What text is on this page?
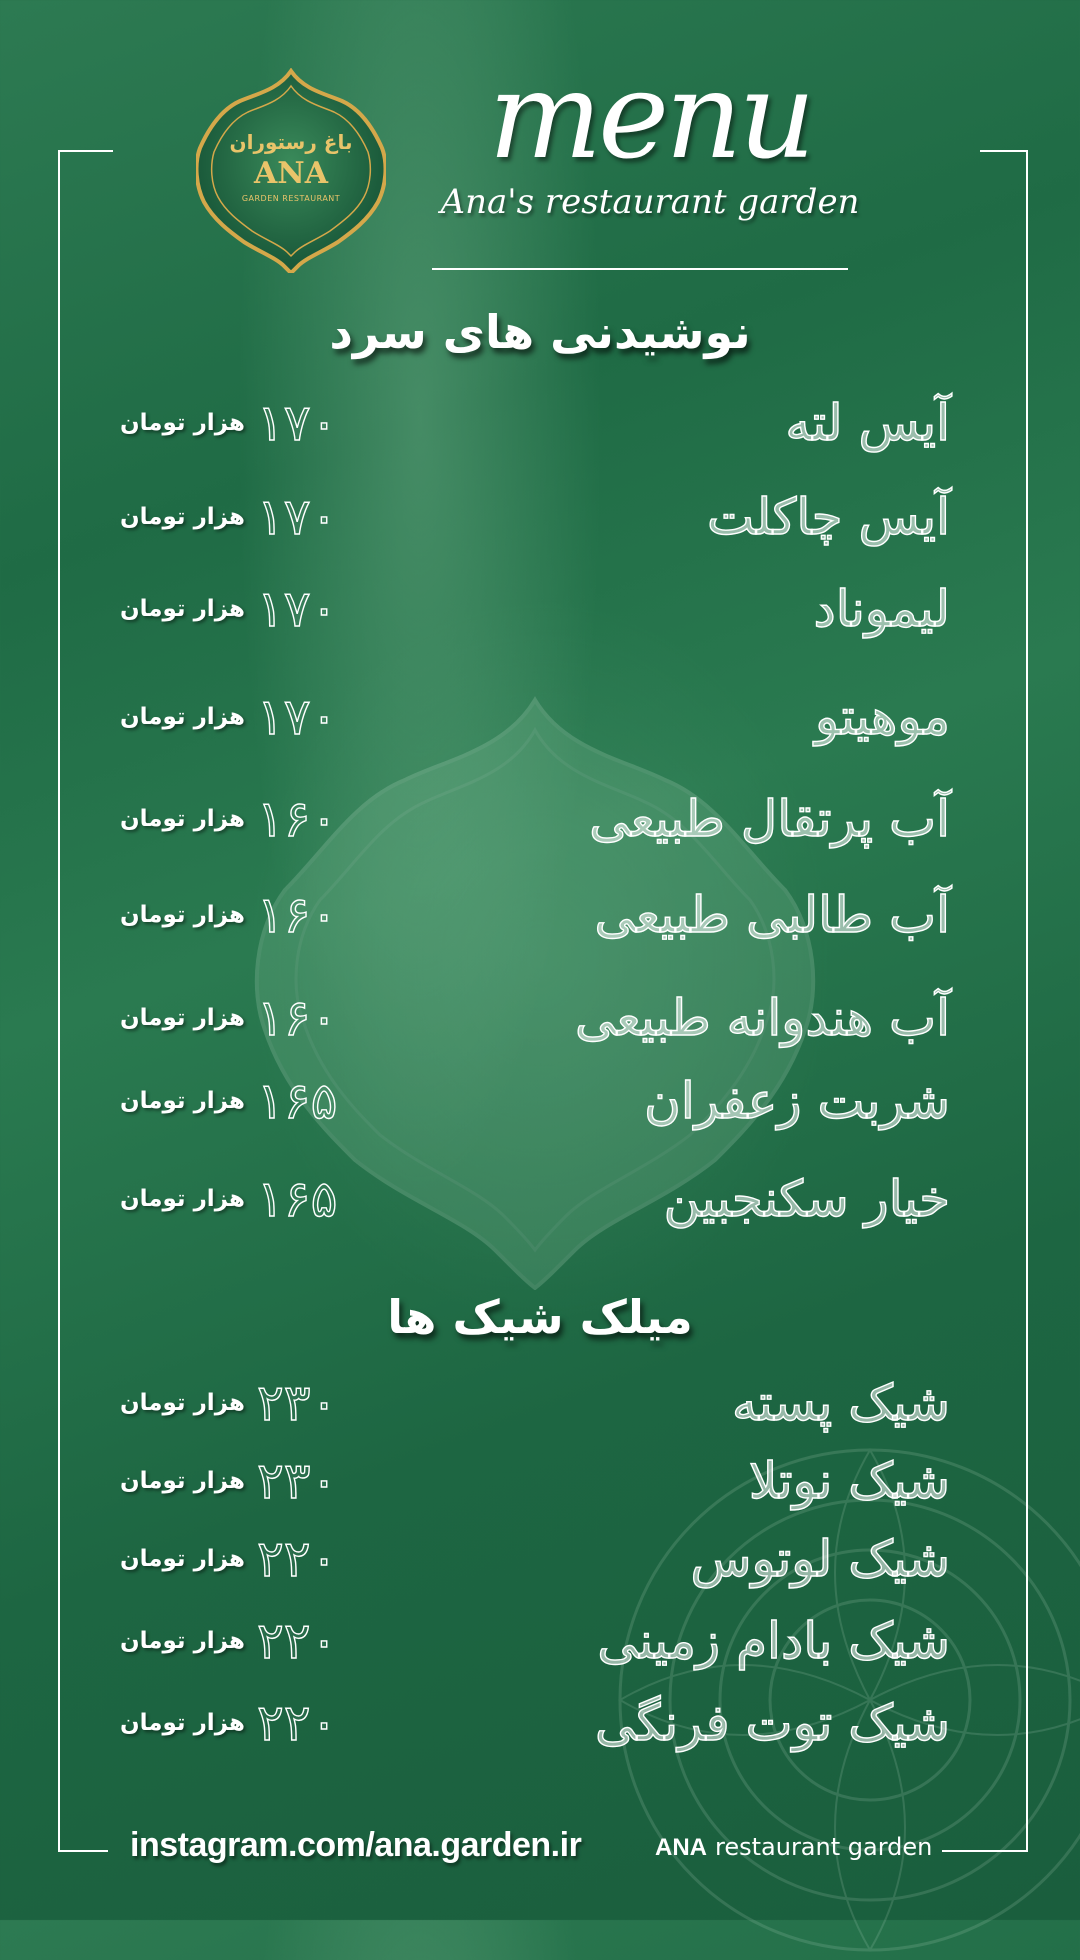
باغ رستوران
ANA
GARDEN RESTAURANT
menu
Ana's restaurant garden
نوشیدنی های سرد
آیس لته
هزار تومان ۱۷۰
آیس چاکلت
هزار تومان ۱۷۰
لیموناد
هزار تومان ۱۷۰
موهیتو
هزار تومان ۱۷۰
آب پرتقال طبیعی
هزار تومان ۱۶۰
آب طالبی طبیعی
هزار تومان ۱۶۰
آب هندوانه طبیعی
هزار تومان ۱۶۰
شربت زعفران
هزار تومان ۱۶۵
خیار سکنجبین
هزار تومان ۱۶۵
میلک شیک ها
شیک پسته
هزار تومان ۲۳۰
شیک نوتلا
هزار تومان ۲۳۰
شیک لوتوس
هزار تومان ۲۲۰
شیک بادام زمینی
هزار تومان ۲۲۰
شیک توت فرنگی
هزار تومان ۲۲۰
instagram.com/ana.garden.ir	ANA restaurant garden
